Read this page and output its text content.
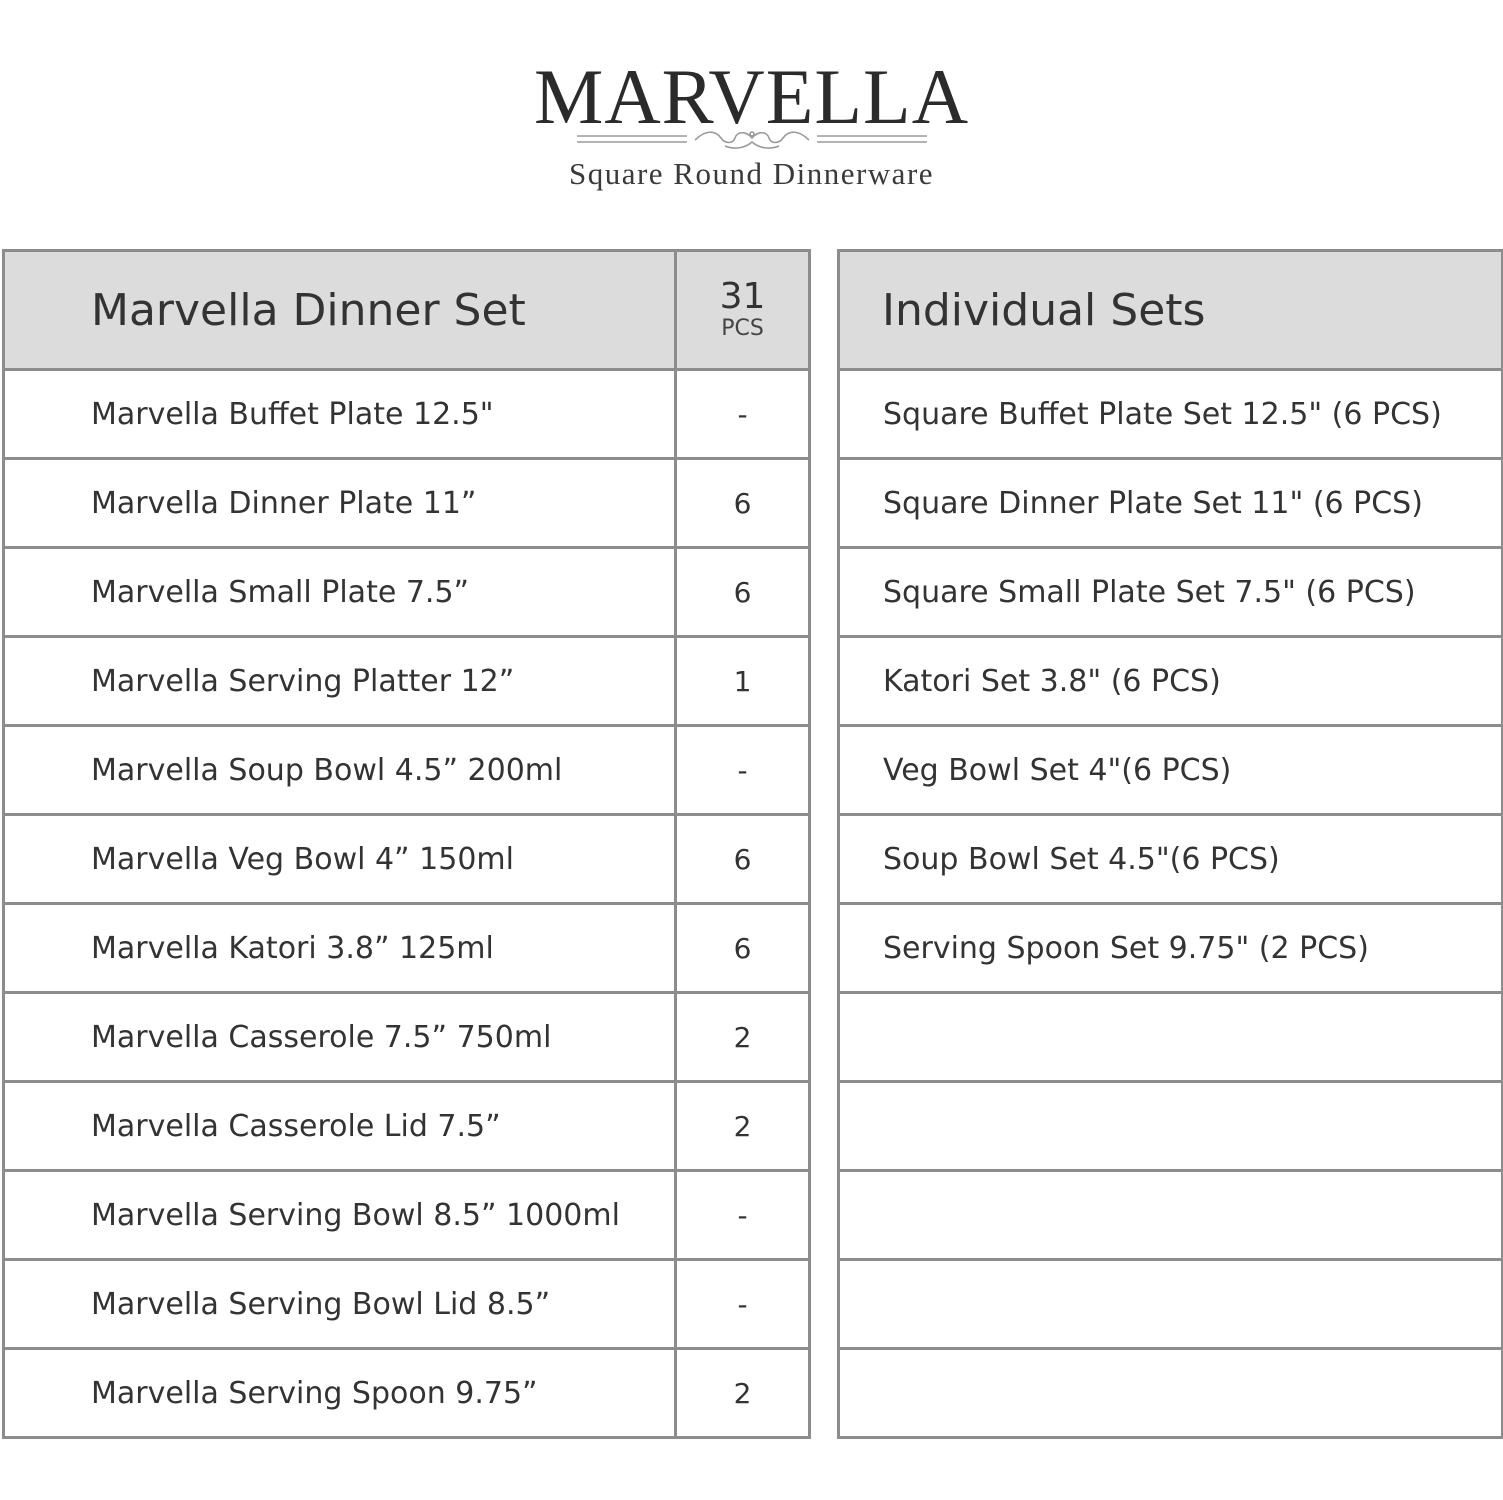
MARVELLA
Square Round Dinnerware
Marvella Dinner Set	31
PCS

Marvella Buffet Plate 12.5"	-
Marvella Dinner Plate 11”	6
Marvella Small Plate 7.5”	6
Marvella Serving Platter 12”	1
Marvella Soup Bowl 4.5” 200ml	-
Marvella Veg Bowl 4” 150ml	6
Marvella Katori 3.8” 125ml	6
Marvella Casserole 7.5” 750ml	2
Marvella Casserole Lid 7.5”	2
Marvella Serving Bowl 8.5” 1000ml	-
Marvella Serving Bowl Lid 8.5”	-
Marvella Serving Spoon 9.75”	2
Individual Sets
Square Buffet Plate Set 12.5" (6 PCS)
Square Dinner Plate Set 11" (6 PCS)
Square Small Plate Set 7.5" (6 PCS)
Katori Set 3.8" (6 PCS)
Veg Bowl Set 4"(6 PCS)
Soup Bowl Set 4.5"(6 PCS)
Serving Spoon Set 9.75" (2 PCS)
